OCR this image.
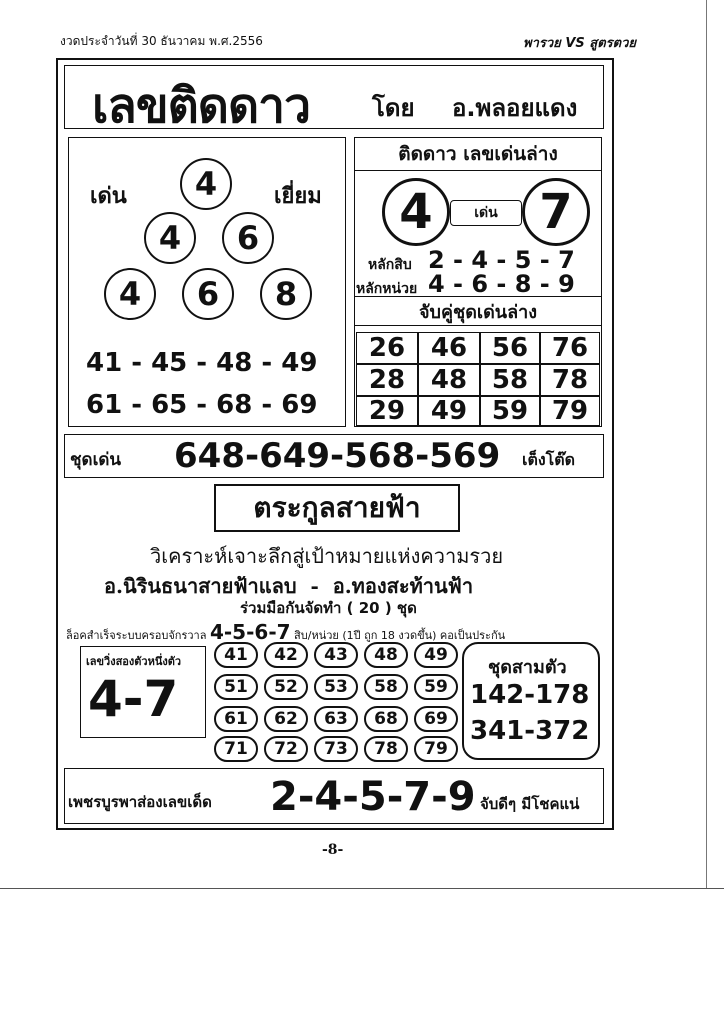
งวดประจำวันที่ 30 ธันวาคม พ.ศ.2556	พารวย VS สูตรตวย
เลขติดดาว	โดย อ.พลอยแดง
เด่น	เยี่ยม
4
4	6
4	6	8
41 - 45 - 48 - 49
61 - 65 - 68 - 69
ติดดาว เลขเด่นล่าง
4	เด่น 7
หลักสิบ 2 - 4 - 5 - 7
หลักหน่วย 4 - 6 - 8 - 9
จับคู่ชุดเด่นล่าง
26 46 56 76
28 48 58 78
29 49 59 79
ชุดเด่น 648-649-568-569 เต็งโต๊ด
ตระกูลสายฟ้า
วิเคราะห์เจาะลึกสู่เป้าหมายแห่งความรวย
อ.นิรินธนาสายฟ้าแลบ  -  อ.ทองสะท้านฟ้า
ร่วมมือกันจัดทำ ( 20 ) ชุด
ล็อคสำเร็จระบบครอบจักรวาล 4-5-6-7 สิบ/หน่วย (1ปี ถูก 18 งวดขึ้น) คอเป็นประกัน
เลขวิ่งสองตัวหนึ่งตัว
4-7
41	42	43	48	49
51	52	53	58	59
61	62	63	68	69
71	72	73	78	79
ชุดสามตัว
142-178
341-372
เพชรบูรพาส่องเลขเด็ด 2-4-5-7-9 จับดีๆ มีโชคแน่
-8-
